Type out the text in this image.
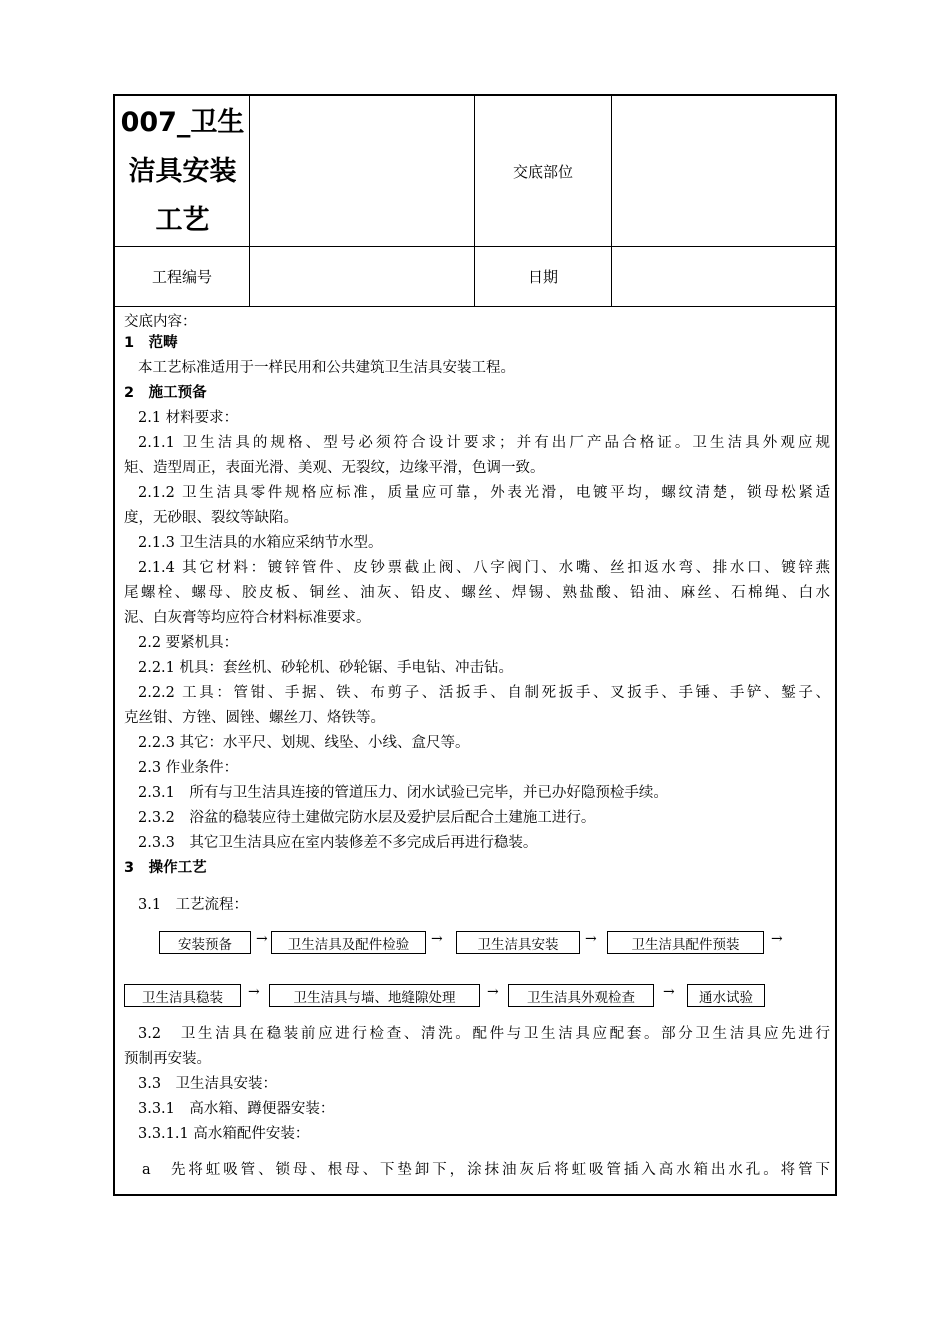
007_卫生
洁具安装
工艺
交底部位
工程编号	日期
交底内容：
1　范畴
本工艺标准适用于一样民用和公共建筑卫生洁具安装工程。
2　施工预备
2.1 材料要求：
2.1.1 卫生洁具的规格、型号必须符合设计要求；并有出厂产品合格证。卫生洁具外观应规
矩、造型周正，表面光滑、美观、无裂纹，边缘平滑，色调一致。
2.1.2 卫生洁具零件规格应标准，质量应可靠，外表光滑，电镀平均，螺纹清楚，锁母松紧适
度，无砂眼、裂纹等缺陷。
2.1.3 卫生洁具的水箱应采纳节水型。
2.1.4 其它材料：镀锌管件、皮钞票截止阀、八字阀门、水嘴、丝扣返水弯、排水口、镀锌燕
尾螺栓、螺母、胶皮板、铜丝、油灰、铅皮、螺丝、焊锡、熟盐酸、铅油、麻丝、石棉绳、白水
泥、白灰膏等均应符合材料标准要求。
2.2 要紧机具：
2.2.1 机具：套丝机、砂轮机、砂轮锯、手电钻、冲击钻。
2.2.2 工具：管钳、手据、铁、布剪子、活扳手、自制死扳手、叉扳手、手锤、手铲、錾子、
克丝钳、方锉、圆锉、螺丝刀、烙铁等。
2.2.3 其它：水平尺、划规、线坠、小线、盒尺等。
2.3 作业条件：
2.3.1　所有与卫生洁具连接的管道压力、闭水试验已完毕，并已办好隐预检手续。
2.3.2　浴盆的稳装应待土建做完防水层及爱护层后配合土建施工进行。
2.3.3　其它卫生洁具应在室内装修差不多完成后再进行稳装。
3　操作工艺
3.1　工艺流程：
安装预备	→	卫生洁具及配件检验	→	卫生洁具安装	→	卫生洁具配件预装	→
卫生洁具稳装	→	卫生洁具与墙、地缝隙处理	→	卫生洁具外观检查	→	通水试验
3.2　卫生洁具在稳装前应进行检查、清洗。配件与卫生洁具应配套。部分卫生洁具应先进行
预制再安装。
3.3　卫生洁具安装：
3.3.1　高水箱、蹲便器安装：
3.3.1.1 高水箱配件安装：
a　先将虹吸管、锁母、根母、下垫卸下，涂抹油灰后将虹吸管插入高水箱出水孔。将管下
